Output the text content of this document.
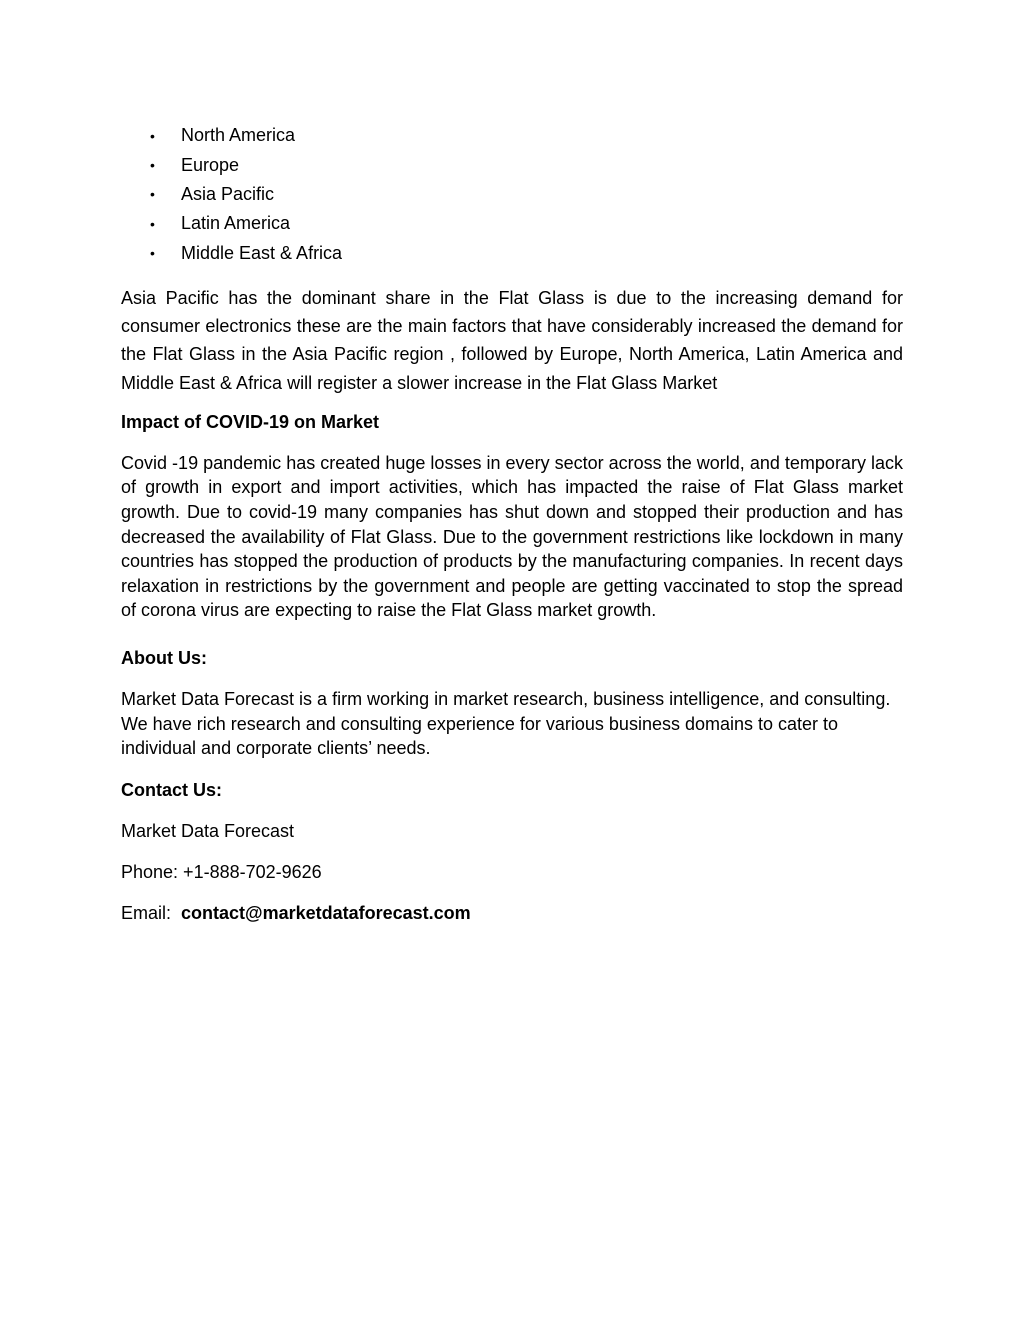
•	North America
•	Europe
•	Asia Pacific
•	Latin America
•	Middle East & Africa

Asia Pacific has the dominant share in the Flat Glass is due to the increasing demand for consumer electronics these are the main factors that have considerably increased the demand for the Flat Glass in the Asia Pacific region , followed by Europe, North America, Latin America and Middle East & Africa will register a slower increase in the Flat Glass Market

Impact of COVID-19 on Market

Covid -19 pandemic has created huge losses in every sector across the world, and temporary lack of growth in export and import activities, which has impacted the raise of Flat Glass market growth. Due to covid-19 many companies has shut down and stopped their production and has decreased the availability of Flat Glass. Due to the government restrictions like lockdown in many countries has stopped the production of products by the manufacturing companies. In recent days relaxation in restrictions by the government and people are getting vaccinated to stop the spread of corona virus are expecting to raise the Flat Glass market growth.

About Us:

Market Data Forecast is a firm working in market research, business intelligence, and consulting. We have rich research and consulting experience for various business domains to cater to individual and corporate clients’ needs.

Contact Us:

Market Data Forecast

Phone: +1-888-702-9626

Email: contact@marketdataforecast.com
